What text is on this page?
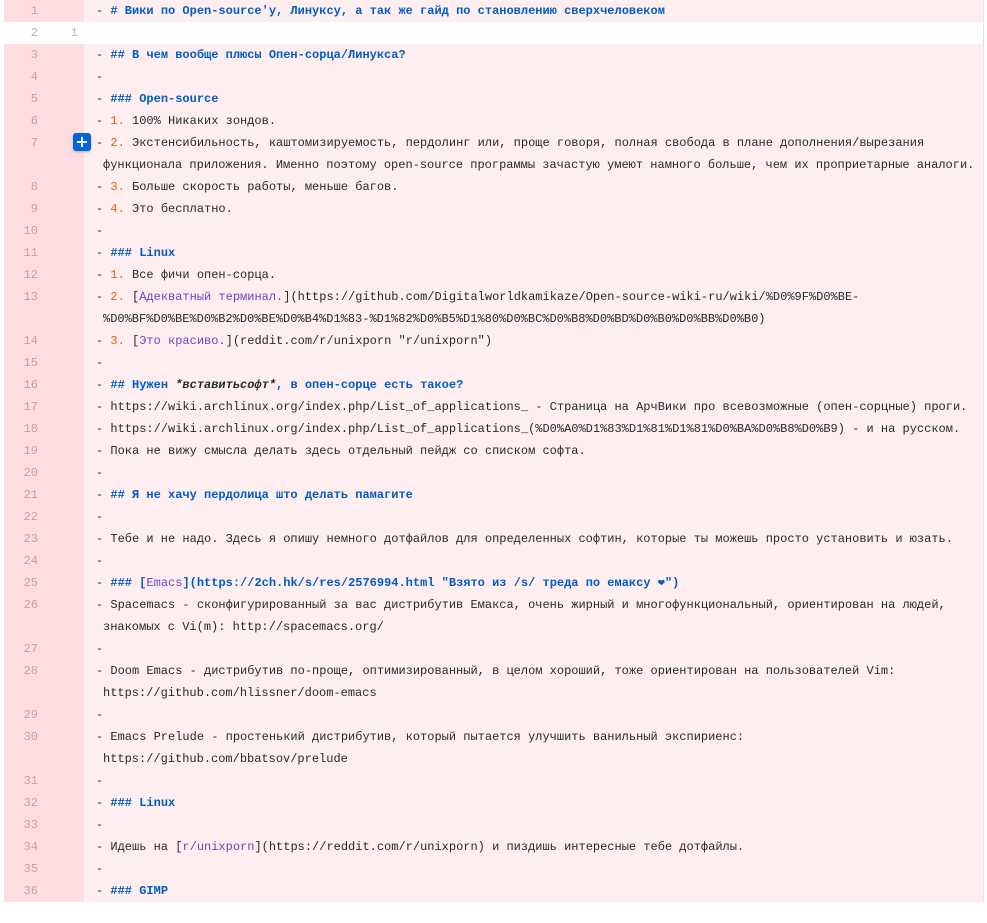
1	- # Вики по Open-source'у, Линуксу, а так же гайд по становлению сверхчеловеком
2	1
3	- ## В чем вообще плюсы Опен-сорца/Линукса?
4	-
5	- ### Open-source
6	- 1. 100% Никаких зондов.
7	- 2. Экстенсибильность, каштомизируемость, пердолинг или, проще говоря, полная свобода в плане дополнения/вырезания функционала приложения. Именно поэтому open-source программы зачастую умеют намного больше, чем их проприетарные аналоги.
8	- 3. Больше скорость работы, меньше багов.
9	- 4. Это бесплатно.
10	-
11	- ### Linux
12	- 1. Все фичи опен-сорца.
13	- 2. [Адекватный терминал.](https://github.com/Digitalworldkamikaze/Open-source-wiki-ru/wiki/%D0%9F%D0%BE-%D0%BF%D0%BE%D0%B2%D0%BE%D0%B4%D1%83-%D1%82%D0%B5%D1%80%D0%BC%D0%B8%D0%BD%D0%B0%D0%BB%D0%B0)
14	- 3. [Это красиво.](reddit.com/r/unixporn "r/unixporn")
15	-
16	- ## Нужен *вставитьсофт*, в опен-сорце есть такое?
17	- https://wiki.archlinux.org/index.php/List_of_applications_ - Страница на АрчВики про всевозможные (опен-сорцные) проги.
18	- https://wiki.archlinux.org/index.php/List_of_applications_(%D0%A0%D1%83%D1%81%D1%81%D0%BA%D0%B8%D0%B9) - и на русском.
19	- Пока не вижу смысла делать здесь отдельный пейдж со списком софта.
20	-
21	- ## Я не хачу пердолица што делать памагите
22	-
23	- Тебе и не надо. Здесь я опишу немного дотфайлов для определенных софтин, которые ты можешь просто установить и юзать.
24	-
25	- ### [Emacs](https://2ch.hk/s/res/2576994.html "Взято из /s/ треда по емаксу ❤")
26	- Spacemacs - сконфигурированный за вас дистрибутив Емакса, очень жирный и многофункциональный, ориентирован на людей, знакомых с Vi(m): http://spacemacs.org/
27	-
28	- Doom Emacs - дистрибутив по-проще, оптимизированный, в целом хороший, тоже ориентирован на пользователей Vim: https://github.com/hlissner/doom-emacs
29	-
30	- Emacs Prelude - простенький дистрибутив, который пытается улучшить ванильный экспириенс: https://github.com/bbatsov/prelude
31	-
32	- ### Linux
33	-
34	- Идешь на [r/unixporn](https://reddit.com/r/unixporn) и пиздишь интересные тебе дотфайлы.
35	-
36	- ### GIMP
+
